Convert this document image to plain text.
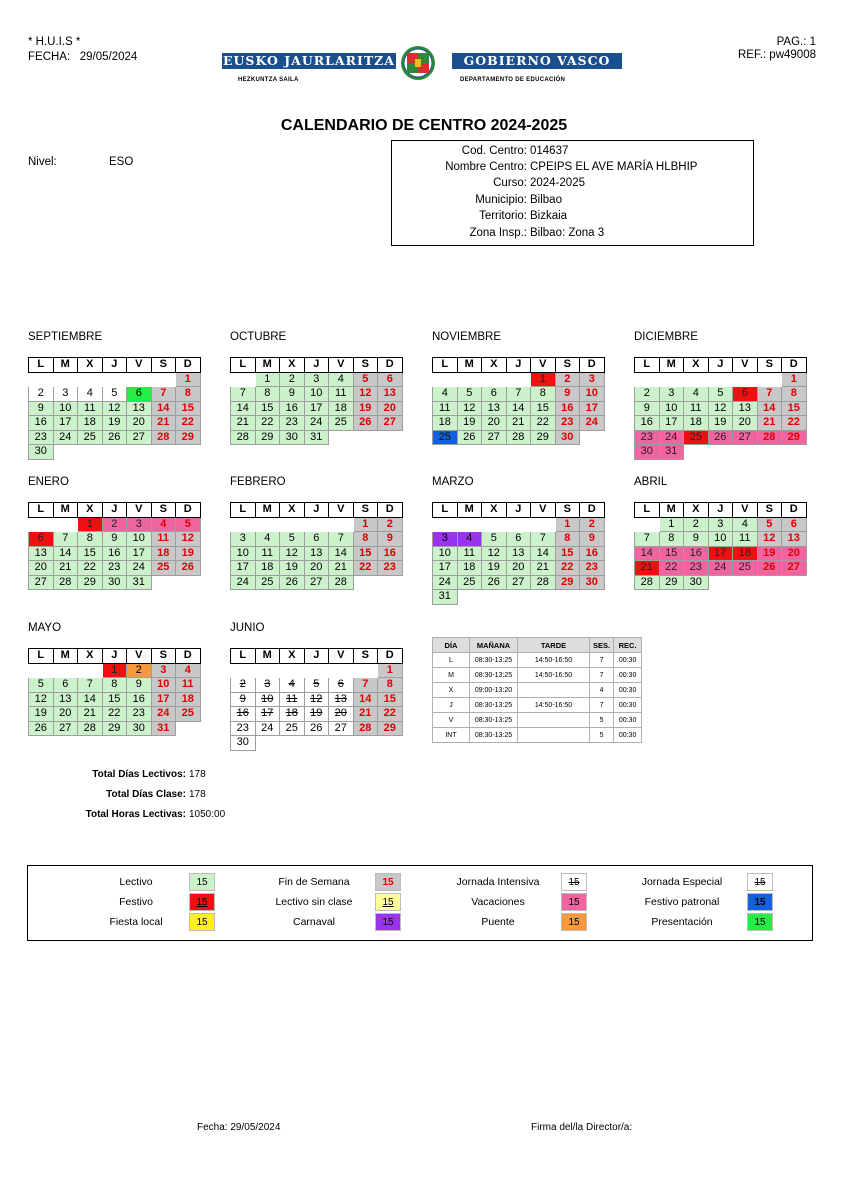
* H.U.I.S *
FECHA: 29/05/2024
PAG.: 1
REF.: pw49008
EUSKO JAURLARITZA	GOBIERNO VASCO
HEZKUNTZA SAILA	DEPARTAMENTO DE EDUCACIÓN
CALENDARIO DE CENTRO 2024-2025
Nivel:	ESO
Cod. Centro: 014637
Nombre Centro: CPEIPS EL AVE MARÍA HLBHIP
Curso: 2024-2025
Municipio: Bilbao
Territorio: Bizkaia
Zona Insp.: Bilbao: Zona 3
SEPTIEMBRE
L	M	X	J	V	S	D
						1
2	3	4	5	6	7	8
9	10	11	12	13	14	15
16	17	18	19	20	21	22
23	24	25	26	27	28	29
30						
OCTUBRE
L	M	X	J	V	S	D
	1	2	3	4	5	6
7	8	9	10	11	12	13
14	15	16	17	18	19	20
21	22	23	24	25	26	27
28	29	30	31			
NOVIEMBRE
L	M	X	J	V	S	D
				1	2	3
4	5	6	7	8	9	10
11	12	13	14	15	16	17
18	19	20	21	22	23	24
25	26	27	28	29	30	
DICIEMBRE
L	M	X	J	V	S	D
						1
2	3	4	5	6	7	8
9	10	11	12	13	14	15
16	17	18	19	20	21	22
23	24	25	26	27	28	29
30	31					
ENERO
L	M	X	J	V	S	D
		1	2	3	4	5
6	7	8	9	10	11	12
13	14	15	16	17	18	19
20	21	22	23	24	25	26
27	28	29	30	31		
FEBRERO
L	M	X	J	V	S	D
					1	2
3	4	5	6	7	8	9
10	11	12	13	14	15	16
17	18	19	20	21	22	23
24	25	26	27	28		
MARZO
L	M	X	J	V	S	D
					1	2
3	4	5	6	7	8	9
10	11	12	13	14	15	16
17	18	19	20	21	22	23
24	25	26	27	28	29	30
31						
ABRIL
L	M	X	J	V	S	D
	1	2	3	4	5	6
7	8	9	10	11	12	13
14	15	16	17	18	19	20
21	22	23	24	25	26	27
28	29	30				
MAYO
L	M	X	J	V	S	D
			1	2	3	4
5	6	7	8	9	10	11
12	13	14	15	16	17	18
19	20	21	22	23	24	25
26	27	28	29	30	31	
JUNIO
L	M	X	J	V	S	D
						1
2	3	4	5	6	7	8
9	10	11	12	13	14	15
16	17	18	19	20	21	22
23	24	25	26	27	28	29
30						
DÍA	MAÑANA	TARDE	SES.	REC.
L	08:30-13:25	14:50-16:50	7	00:30
M	08:30-13:25	14:50-16:50	7	00:30
X	09:00-13:20		4	00:30
J	08:30-13:25	14:50-16:50	7	00:30
V	08:30-13:25		5	00:30
INT	08:30-13:25		5	00:30
Total Días Lectivos: 178
Total Días Clase: 178
Total Horas Lectivas: 1050:00
Lectivo	15	Fin de Semana	15	Jornada Intensiva	15	Jornada Especial	15
Festivo	15	Lectivo sin clase	15	Vacaciones	15	Festivo patronal	15
Fiesta local	15	Carnaval	15	Puente	15	Presentación	15
Fecha: 29/05/2024	Firma del/la Director/a:
